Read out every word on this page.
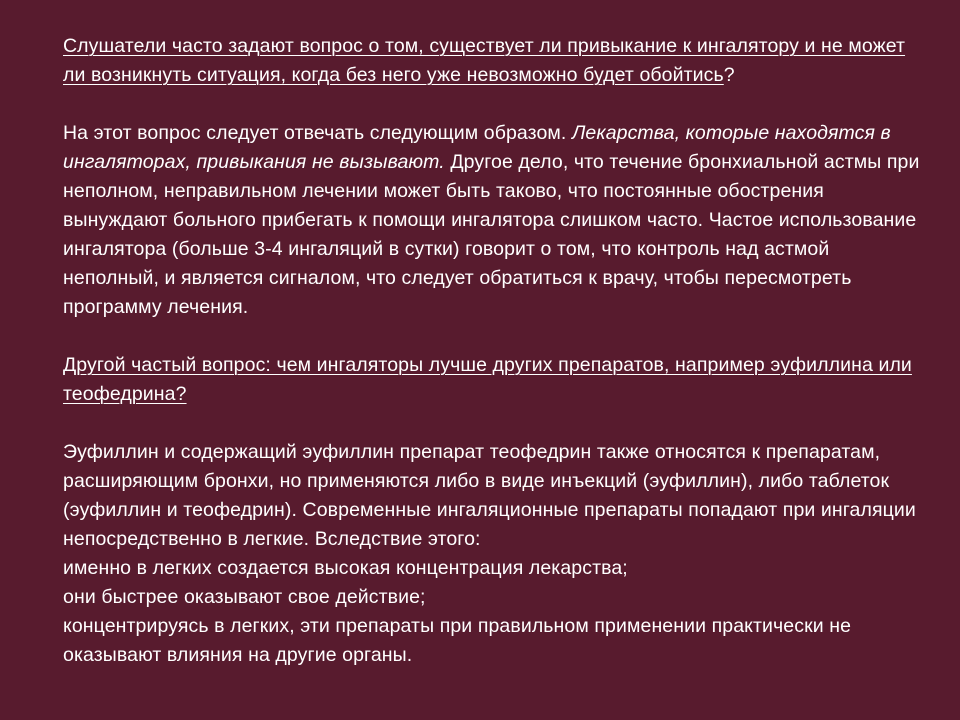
Слушатели часто задают вопрос о том, существует ли привыкание к ингалятору и не может ли возникнуть ситуация, когда без него уже невозможно будет обойтись?

На этот вопрос следует отвечать следующим образом. Лекарства, которые находятся в ингаляторах, привыкания не вызывают. Другое дело, что течение бронхиальной астмы при неполном, неправильном лечении может быть таково, что постоянные обострения вынуждают больного прибегать к помощи ингалятора слишком часто. Частое использование ингалятора (больше 3-4 ингаляций в сутки) говорит о том, что контроль над астмой неполный, и является сигналом, что следует обратиться к врачу, чтобы пересмотреть программу лечения.

Другой частый вопрос: чем ингаляторы лучше других препаратов, например эуфиллина или теофедрина?

Эуфиллин и содержащий эуфиллин препарат теофедрин также относятся к препаратам, расширяющим бронхи, но применяются либо в виде инъекций (эуфиллин), либо таблеток (эуфиллин и теофедрин). Современные ингаляционные препараты попадают при ингаляции непосредственно в легкие. Вследствие этого:

именно в легких создается высокая концентрация лекарства;

они быстрее оказывают свое действие;

концентрируясь в легких, эти препараты при правильном применении практически не оказывают влияния на другие органы.
